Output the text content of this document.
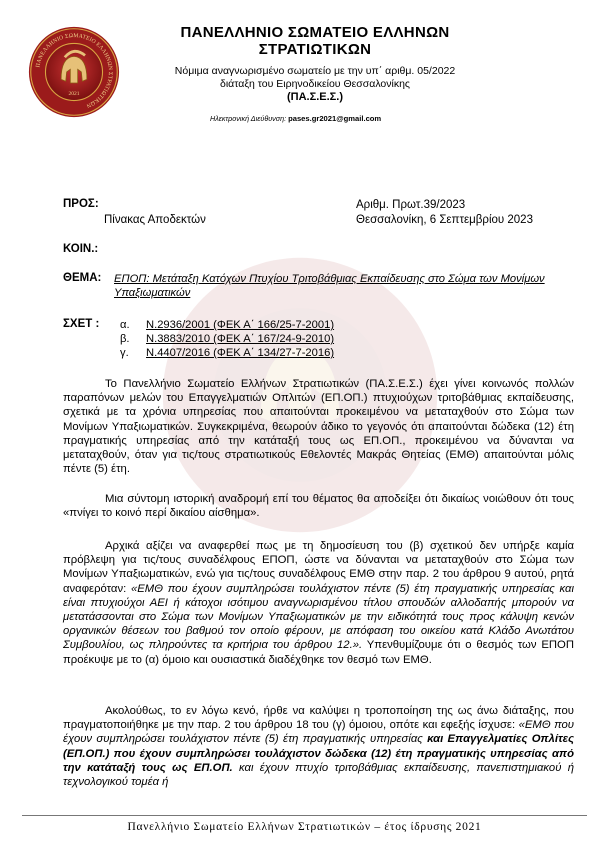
ΠΑΝΕΛΛΗΝΙΟ ΣΩΜΑΤΕΙΟ ΕΛΛΗΝΩΝ ΣΤΡΑΤΙΩΤΙΚΩΝ
2021
ΠΑΝΕΛΛΗΝΙΟ ΣΩΜΑΤΕΙΟ ΕΛΛΗΝΩΝ
ΣΤΡΑΤΙΩΤΙΚΩΝ
Νόμιμα αναγνωρισμένο σωματείο με την υπ΄ αριθμ. 05/2022
διάταξη του Ειρηνοδικείου Θεσσαλονίκης
(ΠΑ.Σ.Ε.Σ.)
Ηλεκτρονική Διεύθυνση: pases.gr2021@gmail.com
ΠΡΟΣ:
Πίνακας Αποδεκτών
Αριθμ. Πρωτ.39/2023
Θεσσαλονίκη, 6 Σεπτεμβρίου 2023
ΚΟΙΝ.:
ΘΕΜΑ: ΕΠΟΠ: Μετάταξη Κατόχων Πτυχίου Τριτοβάθμιας Εκπαίδευσης στο Σώμα των Μονίμων Υπαξιωματικών
ΣΧΕΤ : α. Ν.2936/2001 (ΦΕΚ Α΄ 166/25-7-2001)
β. Ν.3883/2010 (ΦΕΚ Α΄ 167/24-9-2010)
γ. Ν.4407/2016 (ΦΕΚ Α΄ 134/27-7-2016)

Το Πανελλήνιο Σωματείο Ελλήνων Στρατιωτικών (ΠΑ.Σ.Ε.Σ.) έχει γίνει κοινωνός πολλών παραπόνων μελών του Επαγγελματιών Οπλιτών (ΕΠ.ΟΠ.) πτυχιούχων τριτοβάθμιας εκπαίδευσης, σχετικά με τα χρόνια υπηρεσίας που απαιτούνται προκειμένου να μεταταχθούν στο Σώμα των Μονίμων Υπαξιωματικών. Συγκεκριμένα, θεωρούν άδικο το γεγονός ότι απαιτούνται δώδεκα (12) έτη πραγματικής υπηρεσίας από την κατάταξή τους ως ΕΠ.ΟΠ., προκειμένου να δύνανται να μεταταχθούν, όταν για τις/τους στρατιωτικούς Εθελοντές Μακράς Θητείας (ΕΜΘ) απαιτούνται μόλις πέντε (5) έτη.

Μια σύντομη ιστορική αναδρομή επί του θέματος θα αποδείξει ότι δικαίως νοιώθουν ότι τους «πνίγει το κοινό περί δικαίου αίσθημα».

Αρχικά αξίζει να αναφερθεί πως με τη δημοσίευση του (β) σχετικού δεν υπήρξε καμία πρόβλεψη για τις/τους συναδέλφους ΕΠΟΠ, ώστε να δύνανται να μεταταχθούν στο Σώμα των Μονίμων Υπαξιωματικών, ενώ για τις/τους συναδέλφους ΕΜΘ στην παρ. 2 του άρθρου 9 αυτού, ρητά αναφερόταν: «ΕΜΘ που έχουν συμπληρώσει τουλάχιστον πέντε (5) έτη πραγματικής υπηρεσίας και είναι πτυχιούχοι ΑΕΙ ή κάτοχοι ισότιμου αναγνωρισμένου τίτλου σπουδών αλλοδαπής μπορούν να μετατάσσονται στο Σώμα των Μονίμων Υπαξιωματικών με την ειδικότητά τους προς κάλυψη κενών οργανικών θέσεων του βαθμού τον οποίο φέρουν, με απόφαση του οικείου κατά Κλάδο Ανωτάτου Συμβουλίου, ως πληρούντες τα κριτήρια του άρθρου 12.». Υπενθυμίζουμε ότι ο θεσμός των ΕΠΟΠ προέκυψε με το (α) όμοιο και ουσιαστικά διαδέχθηκε τον θεσμό των ΕΜΘ.

Ακολούθως, το εν λόγω κενό, ήρθε να καλύψει η τροποποίηση της ως άνω διάταξης, που πραγματοποιήθηκε με την παρ. 2 του άρθρου 18 του (γ) όμοιου, οπότε και εφεξής ίσχυσε: «ΕΜΘ που έχουν συμπληρώσει τουλάχιστον πέντε (5) έτη πραγματικής υπηρεσίας και Επαγγελματίες Οπλίτες (ΕΠ.ΟΠ.) που έχουν συμπληρώσει τουλάχιστον δώδεκα (12) έτη πραγματικής υπηρεσίας από την κατάταξή τους ως ΕΠ.ΟΠ. και έχουν πτυχίο τριτοβάθμιας εκπαίδευσης, πανεπιστημιακού ή τεχνολογικού τομέα ή

Πανελλήνιο Σωματείο Ελλήνων Στρατιωτικών – έτος ίδρυσης 2021
